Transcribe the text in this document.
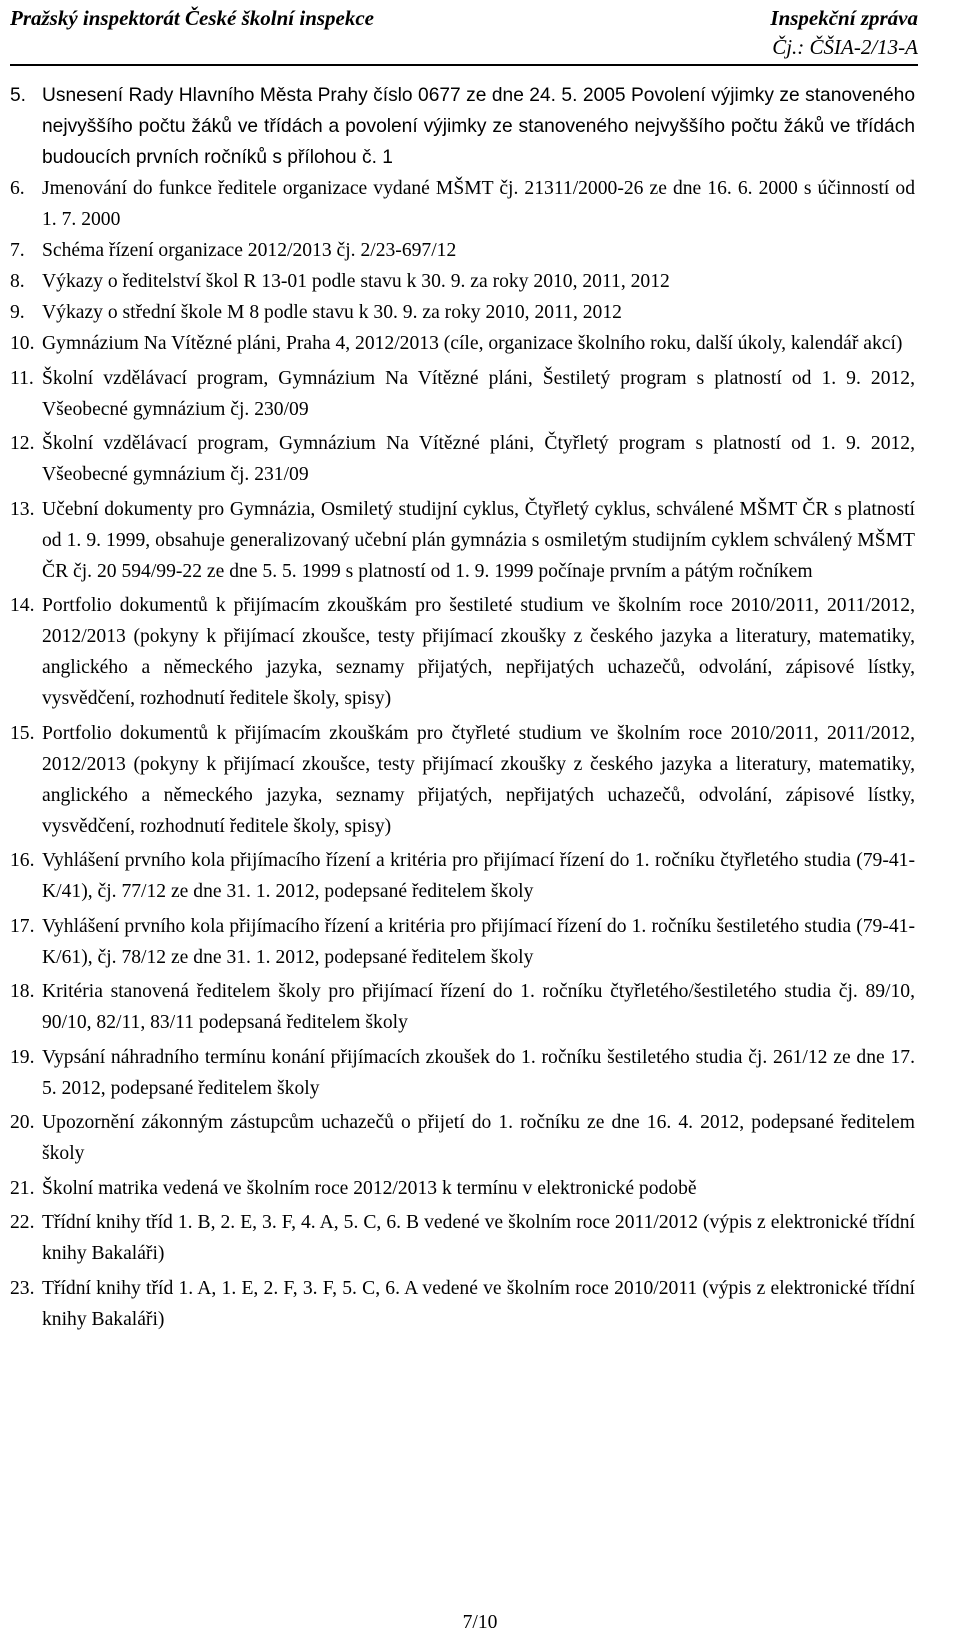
Pražský inspektorát České školní inspekce	Inspekční zpráva
Čj.: ČŠIA-2/13-A
5. Usnesení Rady Hlavního Města Prahy číslo 0677 ze dne 24. 5. 2005 Povolení výjimky ze stanoveného nejvyššího počtu žáků ve třídách a povolení výjimky ze stanoveného nejvyššího počtu žáků ve třídách budoucích prvních ročníků s přílohou č. 1
6. Jmenování do funkce ředitele organizace vydané MŠMT čj. 21311/2000-26 ze dne 16. 6. 2000 s účinností od 1. 7. 2000
7. Schéma řízení organizace 2012/2013 čj. 2/23-697/12
8. Výkazy o ředitelství škol R 13-01 podle stavu k 30. 9. za roky 2010, 2011, 2012
9. Výkazy o střední škole M 8 podle stavu k 30. 9. za roky 2010, 2011, 2012
10. Gymnázium Na Vítězné pláni, Praha 4, 2012/2013 (cíle, organizace školního roku, další úkoly, kalendář akcí)
11. Školní vzdělávací program, Gymnázium Na Vítězné pláni, Šestiletý program s platností od 1. 9. 2012, Všeobecné gymnázium čj. 230/09
12. Školní vzdělávací program, Gymnázium Na Vítězné pláni, Čtyřletý program s platností od 1. 9. 2012, Všeobecné gymnázium čj. 231/09
13. Učební dokumenty pro Gymnázia, Osmiletý studijní cyklus, Čtyřletý cyklus, schválené MŠMT ČR s platností od 1. 9. 1999, obsahuje generalizovaný učební plán gymnázia s osmiletým studijním cyklem schválený MŠMT ČR čj. 20 594/99-22 ze dne 5. 5. 1999 s platností od 1. 9. 1999 počínaje prvním a pátým ročníkem
14. Portfolio dokumentů k přijímacím zkouškám pro šestileté studium ve školním roce 2010/2011, 2011/2012, 2012/2013 (pokyny k přijímací zkoušce, testy přijímací zkoušky z českého jazyka a literatury, matematiky, anglického a německého jazyka, seznamy přijatých, nepřijatých uchazečů, odvolání, zápisové lístky, vysvědčení, rozhodnutí ředitele školy, spisy)
15. Portfolio dokumentů k přijímacím zkouškám pro čtyřleté studium ve školním roce 2010/2011, 2011/2012, 2012/2013 (pokyny k přijímací zkoušce, testy přijímací zkoušky z českého jazyka a literatury, matematiky, anglického a německého jazyka, seznamy přijatých, nepřijatých uchazečů, odvolání, zápisové lístky, vysvědčení, rozhodnutí ředitele školy, spisy)
16. Vyhlášení prvního kola přijímacího řízení a kritéria pro přijímací řízení do 1. ročníku čtyřletého studia (79-41-K/41), čj. 77/12 ze dne 31. 1. 2012, podepsané ředitelem školy
17. Vyhlášení prvního kola přijímacího řízení a kritéria pro přijímací řízení do 1. ročníku šestiletého studia (79-41-K/61), čj. 78/12 ze dne 31. 1. 2012, podepsané ředitelem školy
18. Kritéria stanovená ředitelem školy pro přijímací řízení do 1. ročníku čtyřletého/šestiletého studia čj. 89/10, 90/10, 82/11, 83/11 podepsaná ředitelem školy
19. Vypsání náhradního termínu konání přijímacích zkoušek do 1. ročníku šestiletého studia čj. 261/12 ze dne 17. 5. 2012, podepsané ředitelem školy
20. Upozornění zákonným zástupcům uchazečů o přijetí do 1. ročníku ze dne 16. 4. 2012, podepsané ředitelem školy
21. Školní matrika vedená ve školním roce 2012/2013 k termínu v elektronické podobě
22. Třídní knihy tříd 1. B, 2. E, 3. F, 4. A, 5. C, 6. B vedené ve školním roce 2011/2012 (výpis z elektronické třídní knihy Bakaláři)
23. Třídní knihy tříd 1. A, 1. E, 2. F, 3. F, 5. C, 6. A vedené ve školním roce 2010/2011 (výpis z elektronické třídní knihy Bakaláři)
7/10
